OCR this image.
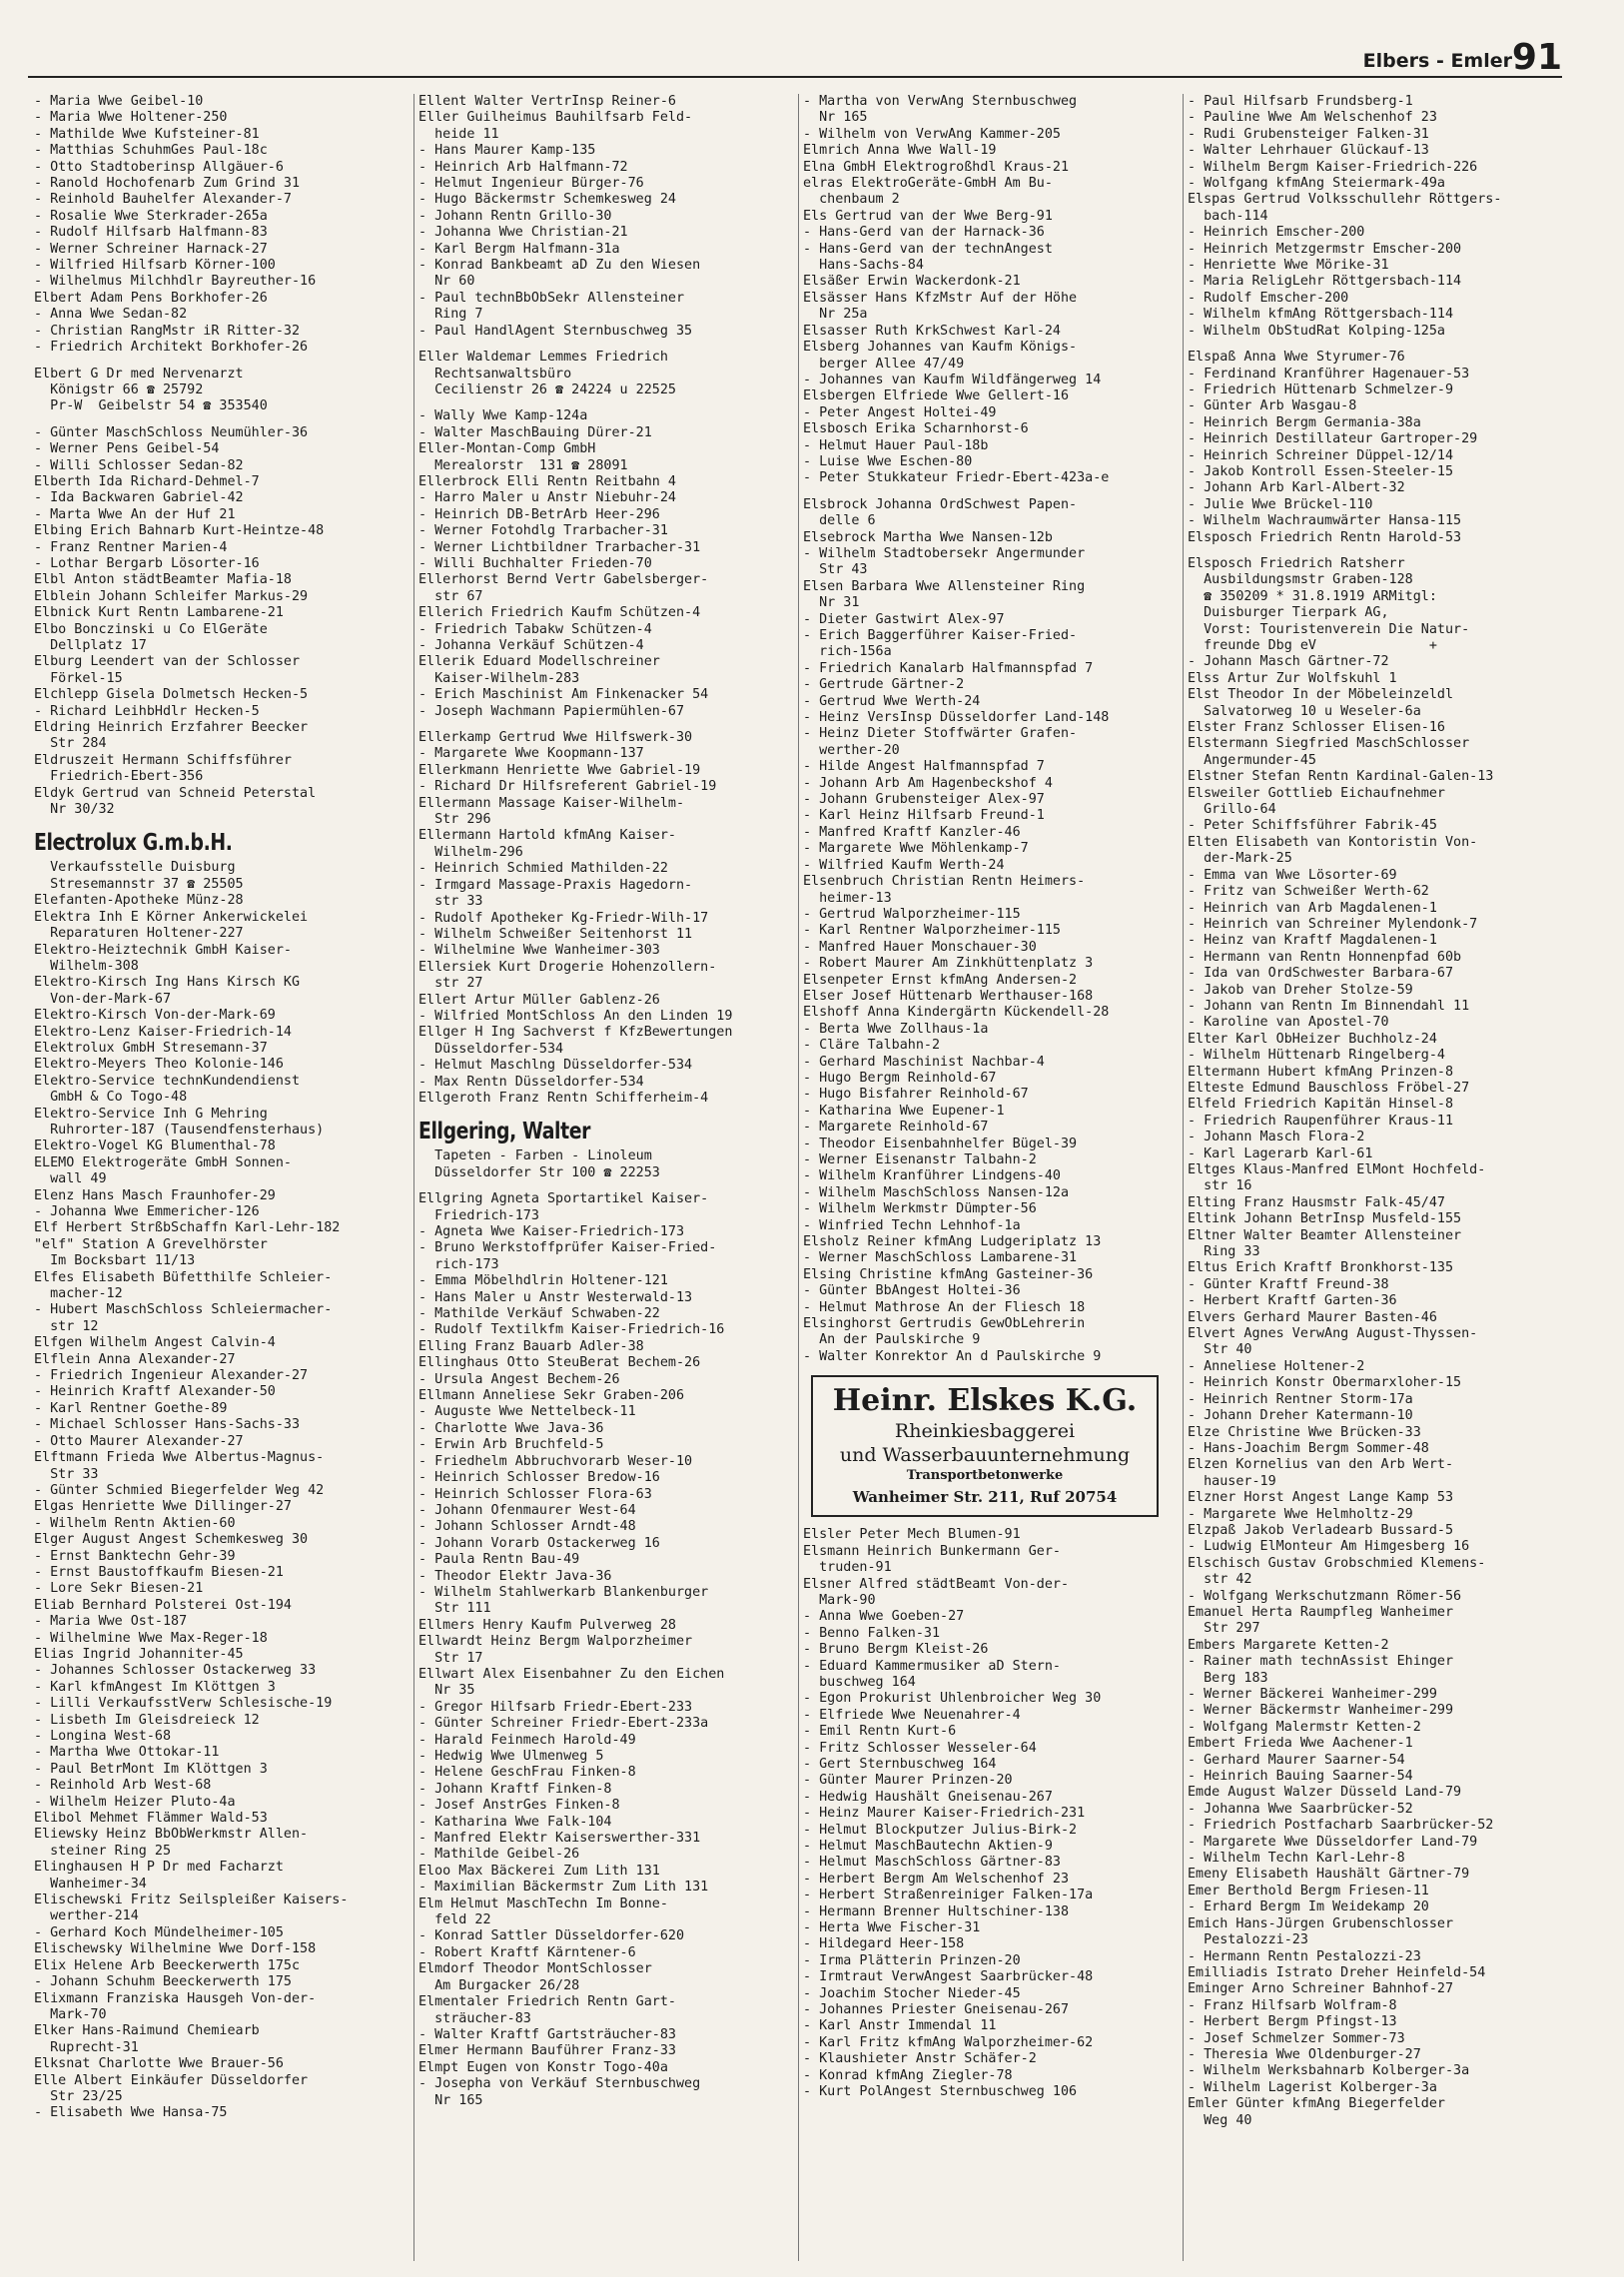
Elbers - Emler 91
- Maria Wwe Geibel-10
- Maria Wwe Holtener-250
- Mathilde Wwe Kufsteiner-81
- Matthias SchuhmGes Paul-18c
- Otto Stadtoberinsp Allgäuer-6
- Ranold Hochofenarb Zum Grind 31
- Reinhold Bauhelfer Alexander-7
- Rosalie Wwe Sterkrader-265a
- Rudolf Hilfsarb Halfmann-83
- Werner Schreiner Harnack-27
- Wilfried Hilfsarb Körner-100
- Wilhelmus Milchhdlr Bayreuther-16
Elbert Adam Pens Borkhofer-26
- Anna Wwe Sedan-82
- Christian RangMstr iR Ritter-32
- Friedrich Architekt Borkhofer-26
Elbert G Dr med Nervenarzt
Königstr 66 ☎ 25792
Pr-W  Geibelstr 54 ☎ 353540
- Günter MaschSchloss Neumühler-36
- Werner Pens Geibel-54
- Willi Schlosser Sedan-82
Elberth Ida Richard-Dehmel-7
- Ida Backwaren Gabriel-42
- Marta Wwe An der Huf 21
Elbing Erich Bahnarb Kurt-Heintze-48
- Franz Rentner Marien-4
- Lothar Bergarb Lösorter-16
Elbl Anton städtBeamter Mafia-18
Elblein Johann Schleifer Markus-29
Elbnick Kurt Rentn Lambarene-21
Elbo Bonczinski u Co ElGeräte
Dellplatz 17
Elburg Leendert van der Schlosser
Förkel-15
Elchlepp Gisela Dolmetsch Hecken-5
- Richard LeihbHdlr Hecken-5
Eldring Heinrich Erzfahrer Beecker
Str 284
Eldruszeit Hermann Schiffsführer
Friedrich-Ebert-356
Eldyk Gertrud van Schneid Peterstal
Nr 30/32
Electrolux G.m.b.H.
Verkaufsstelle Duisburg
Stresemannstr 37 ☎ 25505
Elefanten-Apotheke Münz-28
Elektra Inh E Körner Ankerwickelei
Reparaturen Holtener-227
Elektro-Heiztechnik GmbH Kaiser-
Wilhelm-308
Elektro-Kirsch Ing Hans Kirsch KG
Von-der-Mark-67
Elektro-Kirsch Von-der-Mark-69
Elektro-Lenz Kaiser-Friedrich-14
Elektrolux GmbH Stresemann-37
Elektro-Meyers Theo Kolonie-146
Elektro-Service technKundendienst
GmbH & Co Togo-48
Elektro-Service Inh G Mehring
Ruhrorter-187 (Tausendfensterhaus)
Elektro-Vogel KG Blumenthal-78
ELEMO Elektrogeräte GmbH Sonnen-
wall 49
Elenz Hans Masch Fraunhofer-29
- Johanna Wwe Emmericher-126
Elf Herbert StrßbSchaffn Karl-Lehr-182
"elf" Station A Grevelhörster
Im Bocksbart 11/13
Elfes Elisabeth Büfetthilfe Schleier-
macher-12
- Hubert MaschSchloss Schleiermacher-
str 12
Elfgen Wilhelm Angest Calvin-4
Elflein Anna Alexander-27
- Friedrich Ingenieur Alexander-27
- Heinrich Kraftf Alexander-50
- Karl Rentner Goethe-89
- Michael Schlosser Hans-Sachs-33
- Otto Maurer Alexander-27
Elftmann Frieda Wwe Albertus-Magnus-
Str 33
- Günter Schmied Biegerfelder Weg 42
Elgas Henriette Wwe Dillinger-27
- Wilhelm Rentn Aktien-60
Elger August Angest Schemkesweg 30
- Ernst Banktechn Gehr-39
- Ernst Baustoffkaufm Biesen-21
- Lore Sekr Biesen-21
Eliab Bernhard Polsterei Ost-194
- Maria Wwe Ost-187
- Wilhelmine Wwe Max-Reger-18
Elias Ingrid Johanniter-45
- Johannes Schlosser Ostackerweg 33
- Karl kfmAngest Im Klöttgen 3
- Lilli VerkaufsstVerw Schlesische-19
- Lisbeth Im Gleisdreieck 12
- Longina West-68
- Martha Wwe Ottokar-11
- Paul BetrMont Im Klöttgen 3
- Reinhold Arb West-68
- Wilhelm Heizer Pluto-4a
Elibol Mehmet Flämmer Wald-53
Eliewsky Heinz BbObWerkmstr Allen-
steiner Ring 25
Elinghausen H P Dr med Facharzt
Wanheimer-34
Elischewski Fritz Seilspleißer Kaisers-
werther-214
- Gerhard Koch Mündelheimer-105
Elischewsky Wilhelmine Wwe Dorf-158
Elix Helene Arb Beeckerwerth 175c
- Johann Schuhm Beeckerwerth 175
Elixmann Franziska Hausgeh Von-der-
Mark-70
Elker Hans-Raimund Chemiearb
Ruprecht-31
Elksnat Charlotte Wwe Brauer-56
Elle Albert Einkäufer Düsseldorfer
Str 23/25
- Elisabeth Wwe Hansa-75
Ellent Walter VertrInsp Reiner-6
Eller Guilheimus Bauhilfsarb Feld-
heide 11
- Hans Maurer Kamp-135
- Heinrich Arb Halfmann-72
- Helmut Ingenieur Bürger-76
- Hugo Bäckermstr Schemkesweg 24
- Johann Rentn Grillo-30
- Johanna Wwe Christian-21
- Karl Bergm Halfmann-31a
- Konrad Bankbeamt aD Zu den Wiesen
Nr 60
- Paul technBbObSekr Allensteiner
Ring 7
- Paul HandlAgent Sternbuschweg 35
Eller Waldemar Lemmes Friedrich
Rechtsanwaltsbüro
Cecilienstr 26 ☎ 24224 u 22525
- Wally Wwe Kamp-124a
- Walter MaschBauing Dürer-21
Eller-Montan-Comp GmbH
Merealorstr  131 ☎ 28091
Ellerbrock Elli Rentn Reitbahn 4
- Harro Maler u Anstr Niebuhr-24
- Heinrich DB-BetrArb Heer-296
- Werner Fotohdlg Trarbacher-31
- Werner Lichtbildner Trarbacher-31
- Willi Buchhalter Frieden-70
Ellerhorst Bernd Vertr Gabelsberger-
str 67
Ellerich Friedrich Kaufm Schützen-4
- Friedrich Tabakw Schützen-4
- Johanna Verkäuf Schützen-4
Ellerik Eduard Modellschreiner
Kaiser-Wilhelm-283
- Erich Maschinist Am Finkenacker 54
- Joseph Wachmann Papiermühlen-67
Ellerkamp Gertrud Wwe Hilfswerk-30
- Margarete Wwe Koopmann-137
Ellerkmann Henriette Wwe Gabriel-19
- Richard Dr Hilfsreferent Gabriel-19
Ellermann Massage Kaiser-Wilhelm-
Str 296
Ellermann Hartold kfmAng Kaiser-
Wilhelm-296
- Heinrich Schmied Mathilden-22
- Irmgard Massage-Praxis Hagedorn-
str 33
- Rudolf Apotheker Kg-Friedr-Wilh-17
- Wilhelm Schweißer Seitenhorst 11
- Wilhelmine Wwe Wanheimer-303
Ellersiek Kurt Drogerie Hohenzollern-
str 27
Ellert Artur Müller Gablenz-26
- Wilfried MontSchloss An den Linden 19
Ellger H Ing Sachverst f KfzBewertungen
Düsseldorfer-534
- Helmut Maschlng Düsseldorfer-534
- Max Rentn Düsseldorfer-534
Ellgeroth Franz Rentn Schifferheim-4
Ellgering, Walter
Tapeten - Farben - Linoleum
Düsseldorfer Str 100 ☎ 22253
Ellgring Agneta Sportartikel Kaiser-
Friedrich-173
- Agneta Wwe Kaiser-Friedrich-173
- Bruno Werkstoffprüfer Kaiser-Fried-
rich-173
- Emma Möbelhdlrin Holtener-121
- Hans Maler u Anstr Westerwald-13
- Mathilde Verkäuf Schwaben-22
- Rudolf Textilkfm Kaiser-Friedrich-16
Elling Franz Bauarb Adler-38
Ellinghaus Otto SteuBerat Bechem-26
- Ursula Angest Bechem-26
Ellmann Anneliese Sekr Graben-206
- Auguste Wwe Nettelbeck-11
- Charlotte Wwe Java-36
- Erwin Arb Bruchfeld-5
- Friedhelm Abbruchvorarb Weser-10
- Heinrich Schlosser Bredow-16
- Heinrich Schlosser Flora-63
- Johann Ofenmaurer West-64
- Johann Schlosser Arndt-48
- Johann Vorarb Ostackerweg 16
- Paula Rentn Bau-49
- Theodor Elektr Java-36
- Wilhelm Stahlwerkarb Blankenburger
Str 111
Ellmers Henry Kaufm Pulverweg 28
Ellwardt Heinz Bergm Walporzheimer
Str 17
Ellwart Alex Eisenbahner Zu den Eichen
Nr 35
- Gregor Hilfsarb Friedr-Ebert-233
- Günter Schreiner Friedr-Ebert-233a
- Harald Feinmech Harold-49
- Hedwig Wwe Ulmenweg 5
- Helene GeschFrau Finken-8
- Johann Kraftf Finken-8
- Josef AnstrGes Finken-8
- Katharina Wwe Falk-104
- Manfred Elektr Kaiserswerther-331
- Mathilde Geibel-26
Eloo Max Bäckerei Zum Lith 131
- Maximilian Bäckermstr Zum Lith 131
Elm Helmut MaschTechn Im Bonne-
feld 22
- Konrad Sattler Düsseldorfer-620
- Robert Kraftf Kärntener-6
Elmdorf Theodor MontSchlosser
Am Burgacker 26/28
Elmentaler Friedrich Rentn Gart-
sträucher-83
- Walter Kraftf Gartsträucher-83
Elmer Hermann Bauführer Franz-33
Elmpt Eugen von Konstr Togo-40a
- Josepha von Verkäuf Sternbuschweg
Nr 165
- Martha von VerwAng Sternbuschweg
Nr 165
- Wilhelm von VerwAng Kammer-205
Elmrich Anna Wwe Wall-19
Elna GmbH Elektrogroßhdl Kraus-21
elras ElektroGeräte-GmbH Am Bu-
chenbaum 2
Els Gertrud van der Wwe Berg-91
- Hans-Gerd van der Harnack-36
- Hans-Gerd van der technAngest
Hans-Sachs-84
Elsäßer Erwin Wackerdonk-21
Elsässer Hans KfzMstr Auf der Höhe
Nr 25a
Elsasser Ruth KrkSchwest Karl-24
Elsberg Johannes van Kaufm Königs-
berger Allee 47/49
- Johannes van Kaufm Wildfängerweg 14
Elsbergen Elfriede Wwe Gellert-16
- Peter Angest Holtei-49
Elsbosch Erika Scharnhorst-6
- Helmut Hauer Paul-18b
- Luise Wwe Eschen-80
- Peter Stukkateur Friedr-Ebert-423a-e
Elsbrock Johanna OrdSchwest Papen-
delle 6
Elsebrock Martha Wwe Nansen-12b
- Wilhelm Stadtobersekr Angermunder
Str 43
Elsen Barbara Wwe Allensteiner Ring
Nr 31
- Dieter Gastwirt Alex-97
- Erich Baggerführer Kaiser-Fried-
rich-156a
- Friedrich Kanalarb Halfmannspfad 7
- Gertrude Gärtner-2
- Gertrud Wwe Werth-24
- Heinz VersInsp Düsseldorfer Land-148
- Heinz Dieter Stoffwärter Grafen-
werther-20
- Hilde Angest Halfmannspfad 7
- Johann Arb Am Hagenbeckshof 4
- Johann Grubensteiger Alex-97
- Karl Heinz Hilfsarb Freund-1
- Manfred Kraftf Kanzler-46
- Margarete Wwe Möhlenkamp-7
- Wilfried Kaufm Werth-24
Elsenbruch Christian Rentn Heimers-
heimer-13
- Gertrud Walporzheimer-115
- Karl Rentner Walporzheimer-115
- Manfred Hauer Monschauer-30
- Robert Maurer Am Zinkhüttenplatz 3
Elsenpeter Ernst kfmAng Andersen-2
Elser Josef Hüttenarb Werthauser-168
Elshoff Anna Kindergärtn Kückendell-28
- Berta Wwe Zollhaus-1a
- Cläre Talbahn-2
- Gerhard Maschinist Nachbar-4
- Hugo Bergm Reinhold-67
- Hugo Bisfahrer Reinhold-67
- Katharina Wwe Eupener-1
- Margarete Reinhold-67
- Theodor Eisenbahnhelfer Bügel-39
- Werner Eisenanstr Talbahn-2
- Wilhelm Kranführer Lindgens-40
- Wilhelm MaschSchloss Nansen-12a
- Wilhelm Werkmstr Dümpter-56
- Winfried Techn Lehnhof-1a
Elsholz Reiner kfmAng Ludgeriplatz 13
- Werner MaschSchloss Lambarene-31
Elsing Christine kfmAng Gasteiner-36
- Günter BbAngest Holtei-36
- Helmut Mathrose An der Fliesch 18
Elsinghorst Gertrudis GewObLehrerin
An der Paulskirche 9
- Walter Konrektor An d Paulskirche 9
Heinr. Elskes K.G.
Rheinkiesbaggerei
und Wasserbauunternehmung
Transportbetonwerke
Wanheimer Str. 211, Ruf 20754
Elsler Peter Mech Blumen-91
Elsmann Heinrich Bunkermann Ger-
truden-91
Elsner Alfred städtBeamt Von-der-
Mark-90
- Anna Wwe Goeben-27
- Benno Falken-31
- Bruno Bergm Kleist-26
- Eduard Kammermusiker aD Stern-
buschweg 164
- Egon Prokurist Uhlenbroicher Weg 30
- Elfriede Wwe Neuenahrer-4
- Emil Rentn Kurt-6
- Fritz Schlosser Wesseler-64
- Gert Sternbuschweg 164
- Günter Maurer Prinzen-20
- Hedwig Haushält Gneisenau-267
- Heinz Maurer Kaiser-Friedrich-231
- Helmut Blockputzer Julius-Birk-2
- Helmut MaschBautechn Aktien-9
- Helmut MaschSchloss Gärtner-83
- Herbert Bergm Am Welschenhof 23
- Herbert Straßenreiniger Falken-17a
- Hermann Brenner Hultschiner-138
- Herta Wwe Fischer-31
- Hildegard Heer-158
- Irma Plätterin Prinzen-20
- Irmtraut VerwAngest Saarbrücker-48
- Joachim Stocher Nieder-45
- Johannes Priester Gneisenau-267
- Karl Anstr Immendal 11
- Karl Fritz kfmAng Walporzheimer-62
- Klaushieter Anstr Schäfer-2
- Konrad kfmAng Ziegler-78
- Kurt PolAngest Sternbuschweg 106
- Paul Hilfsarb Frundsberg-1
- Pauline Wwe Am Welschenhof 23
- Rudi Grubensteiger Falken-31
- Walter Lehrhauer Glückauf-13
- Wilhelm Bergm Kaiser-Friedrich-226
- Wolfgang kfmAng Steiermark-49a
Elspas Gertrud Volksschullehr Röttgers-
bach-114
- Heinrich Emscher-200
- Heinrich Metzgermstr Emscher-200
- Henriette Wwe Mörike-31
- Maria ReligLehr Röttgersbach-114
- Rudolf Emscher-200
- Wilhelm kfmAng Röttgersbach-114
- Wilhelm ObStudRat Kolping-125a
Elspaß Anna Wwe Styrumer-76
- Ferdinand Kranführer Hagenauer-53
- Friedrich Hüttenarb Schmelzer-9
- Günter Arb Wasgau-8
- Heinrich Bergm Germania-38a
- Heinrich Destillateur Gartroper-29
- Heinrich Schreiner Düppel-12/14
- Jakob Kontroll Essen-Steeler-15
- Johann Arb Karl-Albert-32
- Julie Wwe Brückel-110
- Wilhelm Wachraumwärter Hansa-115
Elsposch Friedrich Rentn Harold-53
Elsposch Friedrich Ratsherr
Ausbildungsmstr Graben-128
☎ 350209 * 31.8.1919 ARMitgl:
Duisburger Tierpark AG,
Vorst: Touristenverein Die Natur-
freunde Dbg eV              +
- Johann Masch Gärtner-72
Elss Artur Zur Wolfskuhl 1
Elst Theodor In der Möbeleinzeldl
Salvatorweg 10 u Weseler-6a
Elster Franz Schlosser Elisen-16
Elstermann Siegfried MaschSchlosser
Angermunder-45
Elstner Stefan Rentn Kardinal-Galen-13
Elsweiler Gottlieb Eichaufnehmer
Grillo-64
- Peter Schiffsführer Fabrik-45
Elten Elisabeth van Kontoristin Von-
der-Mark-25
- Emma van Wwe Lösorter-69
- Fritz van Schweißer Werth-62
- Heinrich van Arb Magdalenen-1
- Heinrich van Schreiner Mylendonk-7
- Heinz van Kraftf Magdalenen-1
- Hermann van Rentn Honnenpfad 60b
- Ida van OrdSchwester Barbara-67
- Jakob van Dreher Stolze-59
- Johann van Rentn Im Binnendahl 11
- Karoline van Apostel-70
Elter Karl ObHeizer Buchholz-24
- Wilhelm Hüttenarb Ringelberg-4
Eltermann Hubert kfmAng Prinzen-8
Elteste Edmund Bauschloss Fröbel-27
Elfeld Friedrich Kapitän Hinsel-8
- Friedrich Raupenführer Kraus-11
- Johann Masch Flora-2
- Karl Lagerarb Karl-61
Eltges Klaus-Manfred ElMont Hochfeld-
str 16
Elting Franz Hausmstr Falk-45/47
Eltink Johann BetrInsp Musfeld-155
Eltner Walter Beamter Allensteiner
Ring 33
Eltus Erich Kraftf Bronkhorst-135
- Günter Kraftf Freund-38
- Herbert Kraftf Garten-36
Elvers Gerhard Maurer Basten-46
Elvert Agnes VerwAng August-Thyssen-
Str 40
- Anneliese Holtener-2
- Heinrich Konstr Obermarxloher-15
- Heinrich Rentner Storm-17a
- Johann Dreher Katermann-10
Elze Christine Wwe Brücken-33
- Hans-Joachim Bergm Sommer-48
Elzen Kornelius van den Arb Wert-
hauser-19
Elzner Horst Angest Lange Kamp 53
- Margarete Wwe Helmholtz-29
Elzpaß Jakob Verladearb Bussard-5
- Ludwig ElMonteur Am Himgesberg 16
Elschisch Gustav Grobschmied Klemens-
str 42
- Wolfgang Werkschutzmann Römer-56
Emanuel Herta Raumpfleg Wanheimer
Str 297
Embers Margarete Ketten-2
- Rainer math technAssist Ehinger
Berg 183
- Werner Bäckerei Wanheimer-299
- Werner Bäckermstr Wanheimer-299
- Wolfgang Malermstr Ketten-2
Embert Frieda Wwe Aachener-1
- Gerhard Maurer Saarner-54
- Heinrich Bauing Saarner-54
Emde August Walzer Düsseld Land-79
- Johanna Wwe Saarbrücker-52
- Friedrich Postfacharb Saarbrücker-52
- Margarete Wwe Düsseldorfer Land-79
- Wilhelm Techn Karl-Lehr-8
Emeny Elisabeth Haushält Gärtner-79
Emer Berthold Bergm Friesen-11
- Erhard Bergm Im Weidekamp 20
Emich Hans-Jürgen Grubenschlosser
Pestalozzi-23
- Hermann Rentn Pestalozzi-23
Emilliadis Istrato Dreher Heinfeld-54
Eminger Arno Schreiner Bahnhof-27
- Franz Hilfsarb Wolfram-8
- Herbert Bergm Pfingst-13
- Josef Schmelzer Sommer-73
- Theresia Wwe Oldenburger-27
- Wilhelm Werksbahnarb Kolberger-3a
- Wilhelm Lagerist Kolberger-3a
Emler Günter kfmAng Biegerfelder
Weg 40
